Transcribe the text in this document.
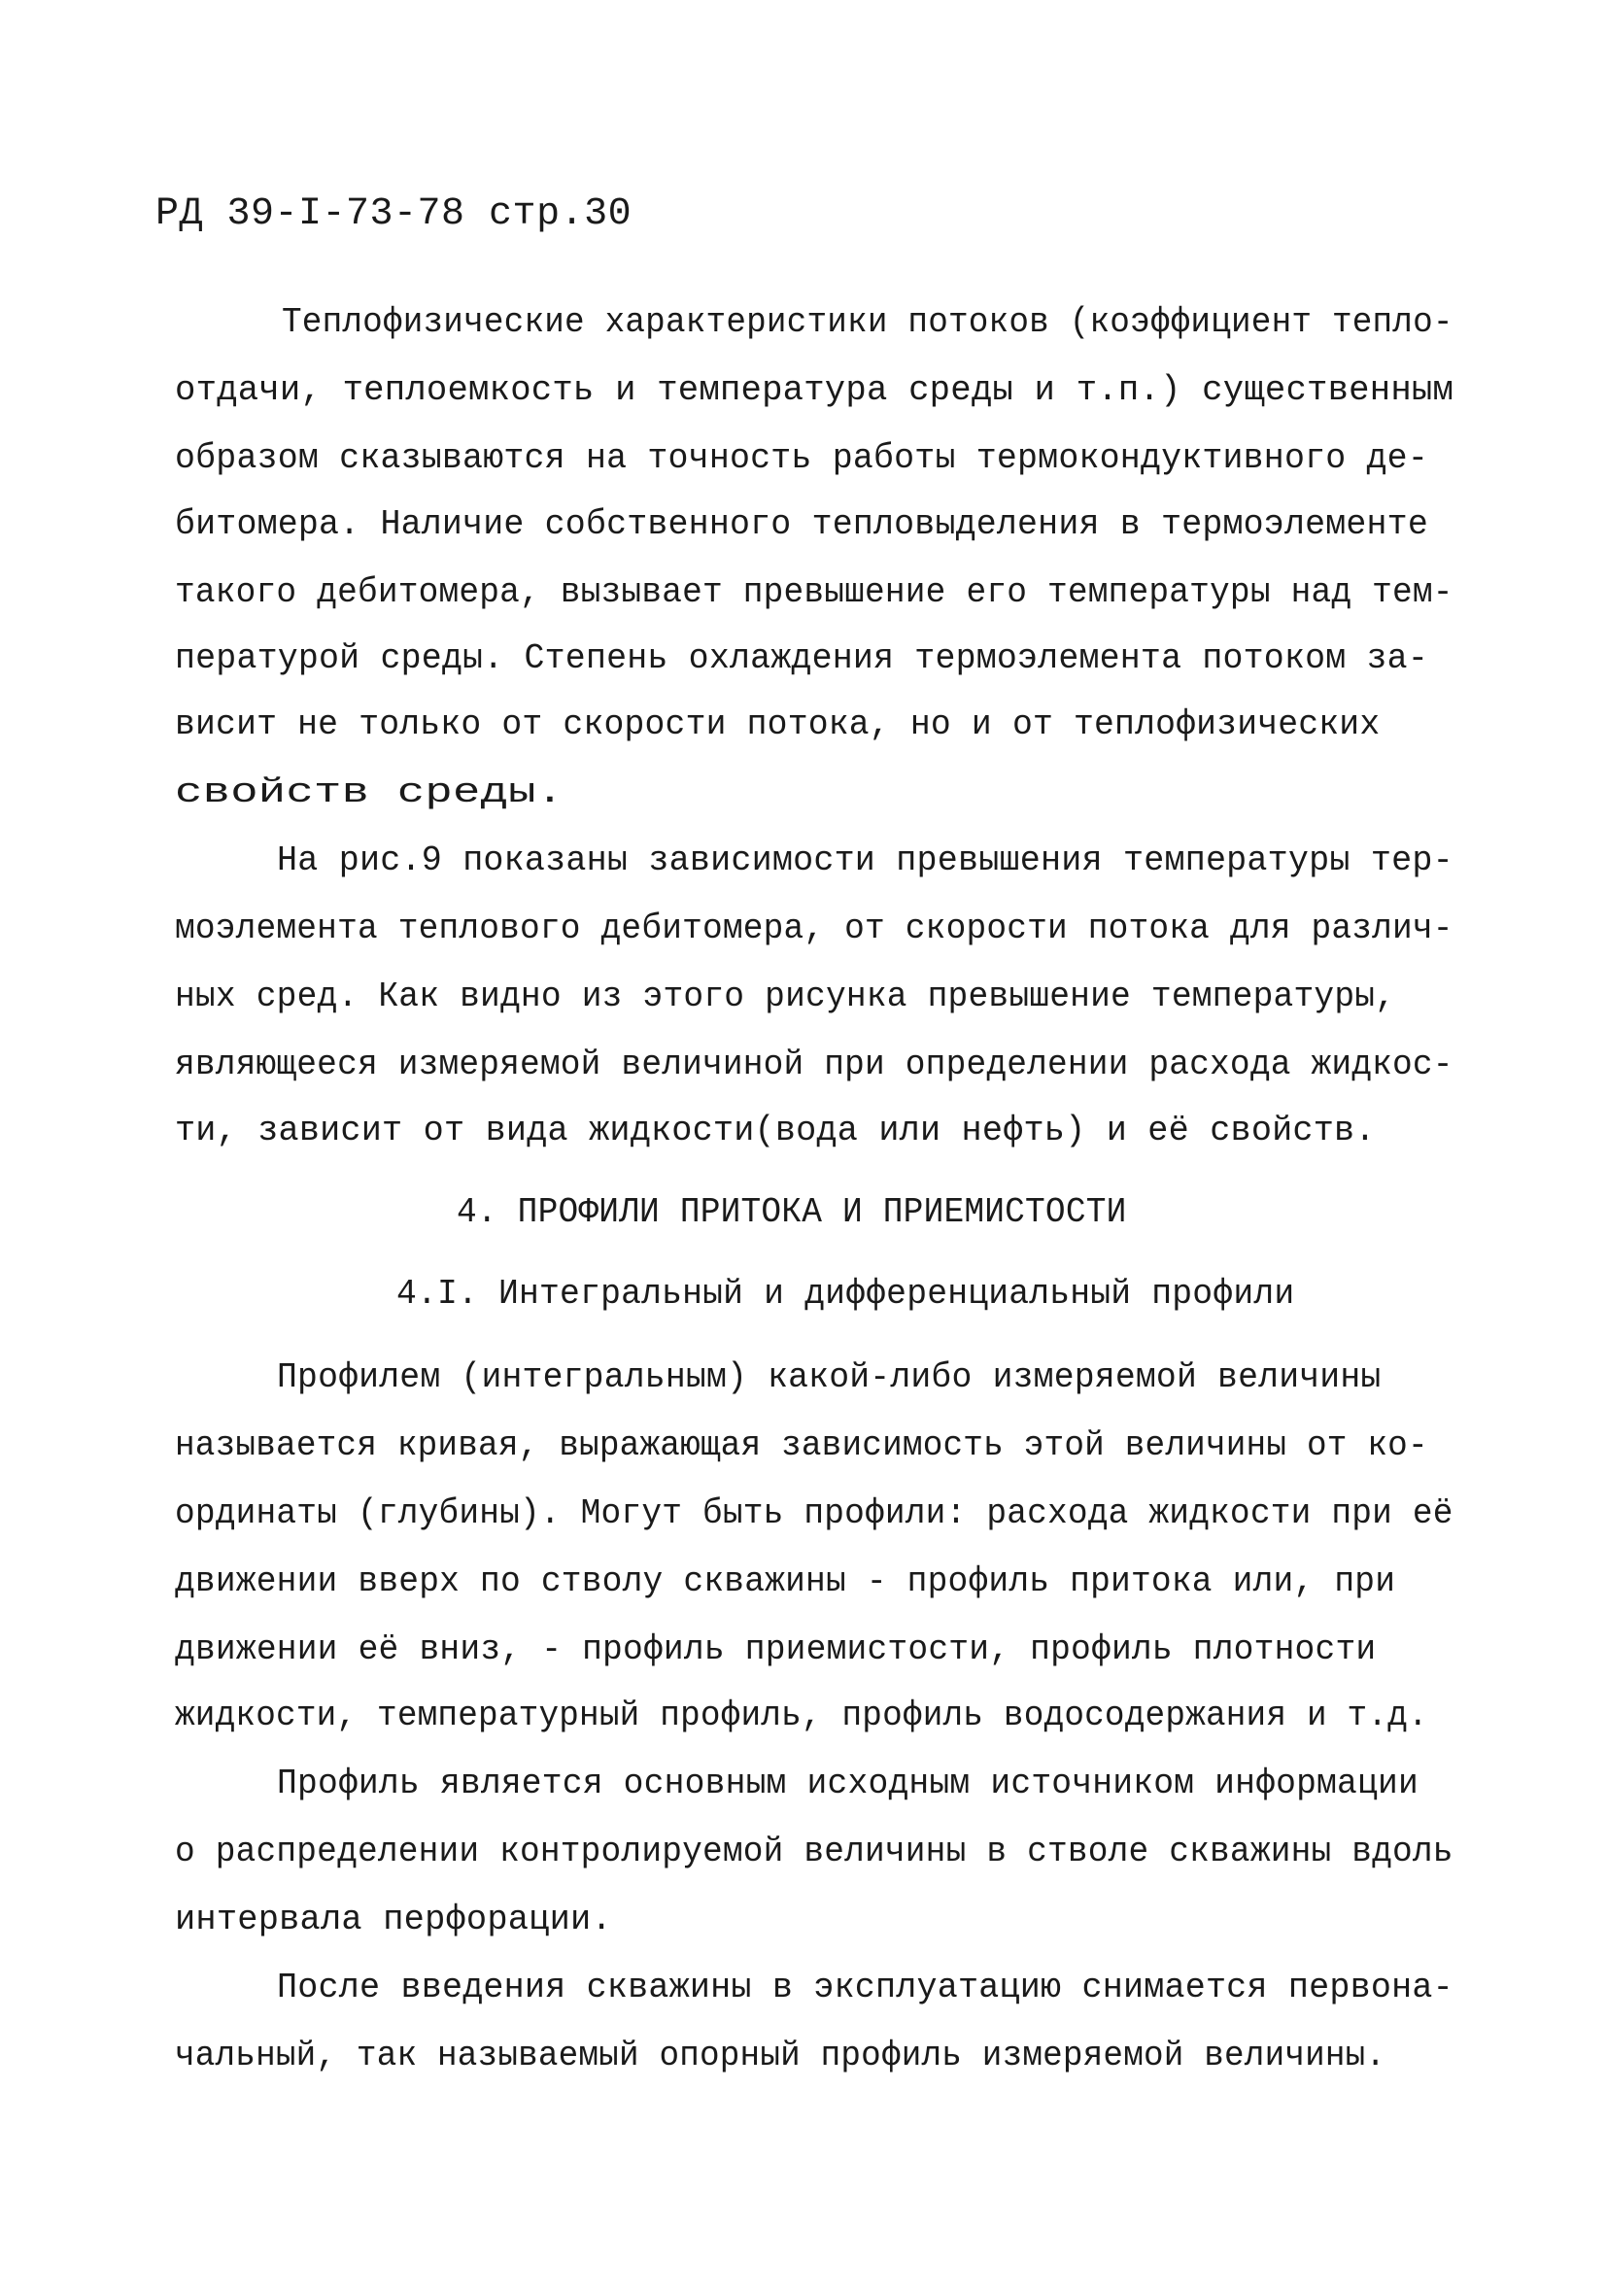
РД 39-I-73-78 стр.30
Теплофизические характеристики потоков (коэффициент тепло-
отдачи, теплоемкость и температура среды и т.п.) существенным
образом сказываются на точность работы термокондуктивного де-
битомера. Наличие собственного тепловыделения в термоэлементе
такого дебитомера, вызывает превышение его температуры над тем-
пературой среды. Степень охлаждения термоэлемента потоком за-
висит не только от скорости потока, но и от теплофизических
свойств среды.
На рис.9 показаны зависимости превышения температуры тер-
моэлемента теплового дебитомера, от скорости потока для различ-
ных сред. Как видно из этого рисунка превышение температуры,
являющееся измеряемой величиной при определении расхода жидкос-
ти, зависит от вида жидкости(вода или нефть) и её свойств.
4. ПРОФИЛИ ПРИТОКА И ПРИЕМИСТОСТИ
4.I. Интегральный и дифференциальный профили
Профилем (интегральным) какой-либо измеряемой величины
называется кривая, выражающая зависимость этой величины от ко-
ординаты (глубины). Могут быть профили: расхода жидкости при её
движении вверх по стволу скважины - профиль притока или, при
движении её вниз, - профиль приемистости, профиль плотности
жидкости, температурный профиль, профиль водосодержания и т.д.
Профиль является основным исходным источником информации
о распределении контролируемой величины в стволе скважины вдоль
интервала перфорации.
После введения скважины в эксплуатацию снимается первона-
чальный, так называемый опорный профиль измеряемой величины.
